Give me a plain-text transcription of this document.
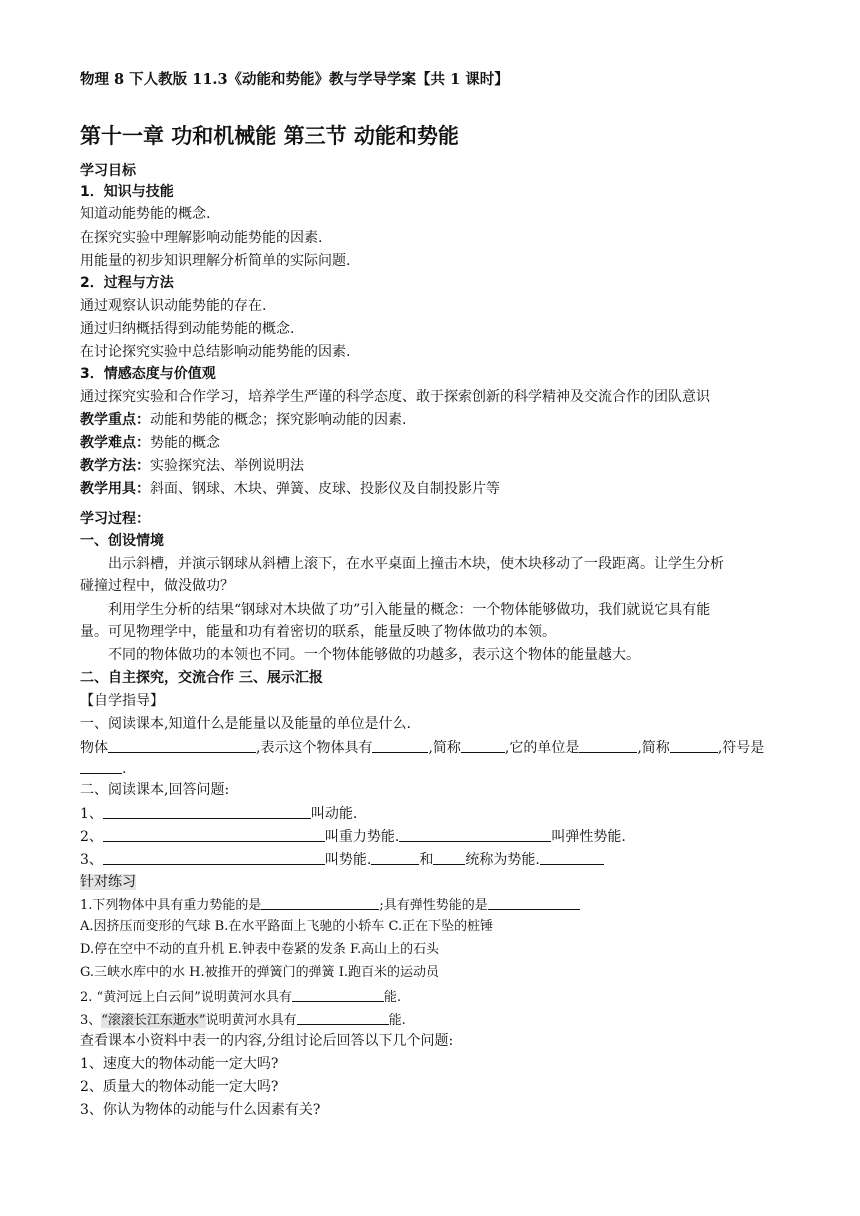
物理 8 下人教版 11.3《动能和势能》教与学导学案【共 1 课时】
第十一章 功和机械能 第三节 动能和势能
学习目标
1．知识与技能
知道动能势能的概念.
在探究实验中理解影响动能势能的因素.
用能量的初步知识理解分析简单的实际问题.
2．过程与方法
通过观察认识动能势能的存在.
通过归纳概括得到动能势能的概念.
在讨论探究实验中总结影响动能势能的因素.
3．情感态度与价值观
通过探究实验和合作学习，培养学生严谨的科学态度、敢于探索创新的科学精神及交流合作的团队意识
教学重点：动能和势能的概念；探究影响动能的因素.
教学难点：势能的概念
教学方法：实验探究法、举例说明法
教学用具：斜面、钢球、木块、弹簧、皮球、投影仪及自制投影片等
学习过程：
一、创设情境
出示斜槽，并演示钢球从斜槽上滚下，在水平桌面上撞击木块，使木块移动了一段距离。让学生分析
碰撞过程中，做没做功？
利用学生分析的结果“钢球对木块做了功”引入能量的概念：一个物体能够做功，我们就说它具有能
量。可见物理学中，能量和功有着密切的联系，能量反映了物体做功的本领。
不同的物体做功的本领也不同。一个物体能够做的功越多，表示这个物体的能量越大。
二、自主探究，交流合作 三、展示汇报
【自学指导】
一、阅读课本,知道什么是能量以及能量的单位是什么.
物体	,表示这个物体具有	,简称	,它的单位是	,简称	,符号是
.
二、阅读课本,回答问题:
1、	叫动能.
2、	叫重力势能.	叫弹性势能.
3、	叫势能.	和 统称为势能.
针对练习
1.下列物体中具有重力势能的是	;具有弹性势能的是
A.因挤压而变形的气球 B.在水平路面上飞驰的小轿车 C.正在下坠的桩锤
D.停在空中不动的直升机 E.钟表中卷紧的发条 F.高山上的石头
G.三峡水库中的水 H.被推开的弹簧门的弹簧 I.跑百米的运动员
2. “黄河远上白云间”说明黄河水具有	能.
3、“滚滚长江东逝水”说明黄河水具有	能.
查看课本小资料中表一的内容,分组讨论后回答以下几个问题:
1、速度大的物体动能一定大吗?
2、质量大的物体动能一定大吗?
3、你认为物体的动能与什么因素有关?
